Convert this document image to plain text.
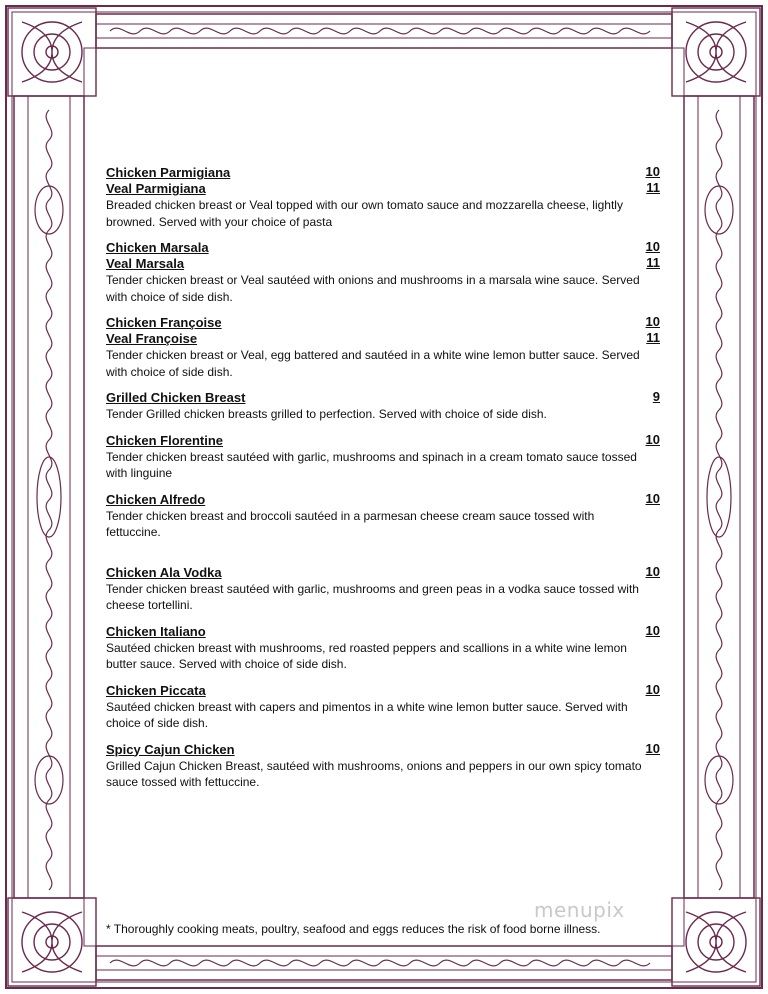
Chicken Parmigiana	10
Veal Parmigiana	11
Breaded chicken breast or Veal topped with our own tomato sauce and mozzarella cheese, lightly browned. Served with your choice of pasta
Chicken Marsala	10
Veal Marsala	11
Tender chicken breast or Veal sautéed with onions and mushrooms in a marsala wine sauce. Served with choice of side dish.
Chicken Françoise	10
Veal Françoise	11
Tender chicken breast or Veal, egg battered and sautéed in a white wine lemon butter sauce. Served with choice of side dish.
Grilled Chicken Breast	9
Tender Grilled chicken breasts grilled to perfection. Served with choice of side dish.
Chicken Florentine	10
Tender chicken breast sautéed with garlic, mushrooms and spinach in a cream tomato sauce tossed with linguine
Chicken Alfredo	10
Tender chicken breast and broccoli sautéed in a parmesan cheese cream sauce tossed with fettuccine.
Chicken Ala Vodka	10
Tender chicken breast sautéed with garlic, mushrooms and green peas in a vodka sauce tossed with cheese tortellini.
Chicken Italiano	10
Sautéed chicken breast with mushrooms, red roasted peppers and scallions in a white wine lemon butter sauce. Served with choice of side dish.
Chicken Piccata	10
Sautéed chicken breast with capers and pimentos in a white wine lemon butter sauce. Served with choice of side dish.
Spicy Cajun Chicken	10
Grilled Cajun Chicken Breast, sautéed with mushrooms, onions and peppers in our own spicy tomato sauce tossed with fettuccine.
* Thoroughly cooking meats, poultry, seafood and eggs reduces the risk of food borne illness.
menupix
